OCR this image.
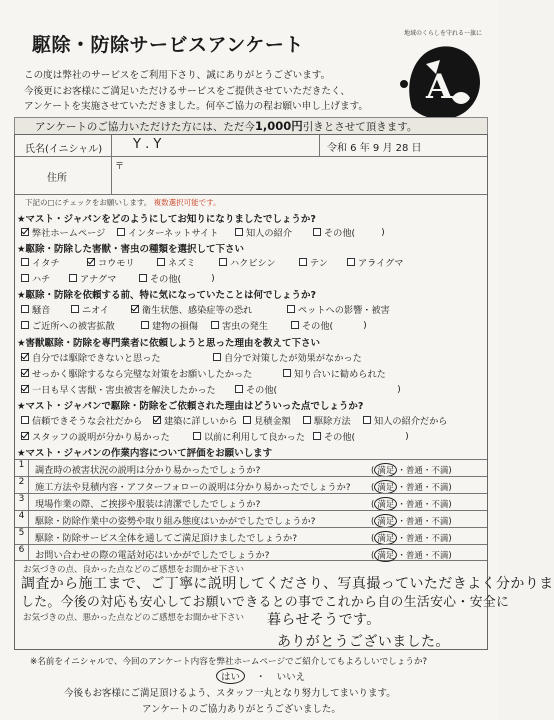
駆除・防除サービスアンケート
地域のくらしを守れる一旗に
A
この度は弊社のサービスをご利用下さり、誠にありがとうございます。
今後更にお客様にご満足いただけるサービスをご提供させていただきたく、
アンケートを実施させていただきました。何卒ご協力の程お願い申し上げます。
アンケートのご協力いただけた方には、ただ今1,000円引きとさせて頂きます。
氏名(イニシャル) Y . Y	令和 6 年 9 月 28 日
住所
〒
下記の□にチェックをお願いします。 複数選択可能です。
★マスト・ジャパンをどのようにしてお知りになりましたでしょうか?
弊社ホームページ インターネットサイト	知人の紹介	その他(	)
★駆除・防除した害獣・害虫の種類を選択して下さい
イタチ	コウモリ	ネズミ	ハクビシン	テン	アライグマ
ハチ	アナグマ	その他(	)
★駆除・防除を依頼する前、特に気になっていたことは何でしょうか?
騒音	ニオイ	衛生状態、感染症等の恐れ	ペットへの影響・被害
ご近所への被害拡散	建物の損傷	害虫の発生	その他(	)
★害獣駆除・防除を専門業者に依頼しようと思った理由を教えて下さい
自分では駆除できないと思った	自分で対策したが効果がなかった
せっかく駆除するなら完璧な対策をお願いしたかった	知り合いに勧められた
一日も早く害獣・害虫被害を解決したかった	その他(	)
★マスト・ジャパンで駆除・防除をご依頼された理由はどういった点でしょうか?
信頼できそうな会社だから 建築に詳しいから 見積金額	駆除方法	知人の紹介だから
スタッフの説明が分かり易かった	以前に利用して良かった その他(	)
★マスト・ジャパンの作業内容について評価をお願いします
1	調査時の被害状況の説明は分かり易かったでしょうか?	( 満足 ・普通・不満)
2	施工方法や見積内容・アフターフォローの説明は分かり易かったでしょうか? ( 満足 ・普通・不満)
3	現場作業の際、ご挨拶や服装は清潔でしたでしょうか?	( 満足 ・普通・不満)
4	駆除・防除作業中の姿勢や取り組み態度はいかがでしたでしょうか?	( 満足 ・普通・不満)
5	駆除・防除サービス全体を通してご満足頂けましたでしょうか?	( 満足 ・普通・不満)
6	お問い合わせの際の電話対応はいかがでしたでしょうか?	( 満足 ・普通・不満)
お気づきの点、良かった点などのご感想をお聞かせ下さい
調査から施工まで、ご丁寧に説明してくださり、写真撮っていただきよく分かりま
した。今後の対応も安心してお願いできるとの事でこれから自の生活安心・安全に
お気づきの点、悪かった点などのご感想をお聞かせ下さい 暮らせそうです。
ありがとうございました。
※名前をイニシャルで、今回のアンケート内容を弊社ホームページでご紹介してもよろしいでしょうか?
はい ・ いいえ
今後もお客様にご満足頂けるよう、スタッフ一丸となり努力してまいります。
アンケートのご協力ありがとうございました。
